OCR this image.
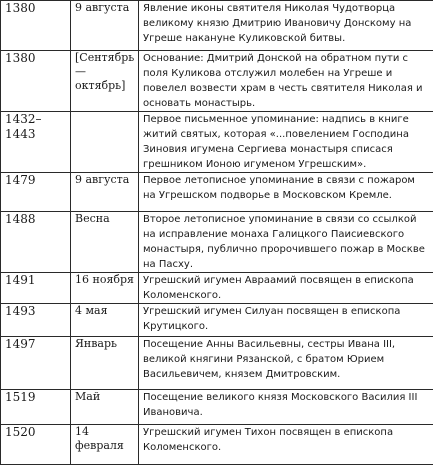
1380	9 августа	Явление иконы святителя Николая Чудотворца великому князю Дмитрию Ивановичу Донскому на Угреше накануне Куликовской битвы.

1380	[Сентябрь—октябрь]	Основание: Дмитрий Донской на обратном пути с поля Куликова отслужил молебен на Угреше и повелел возвести храм в честь святителя Николая и основать монастырь.

1432–1443		Первое письменное упоминание: надпись в книге житий святых, которая «...повелением Господина Зиновия игумена Сергиева монастыря списася грешником Ионою игуменом Угрешским».

1479	9 августа	Первое летописное упоминание в связи с пожаром на Угрешском подворье в Московском Кремле.

1488	Весна	Второе летописное упоминание в связи со ссылкой на исправление монаха Галицкого Паисиевского монастыря, публично пророчившего пожар в Москве на Пасху.

1491	16 ноября	Угрешский игумен Авраамий посвящен в епископа Коломенского.

1493	4 мая	Угрешский игумен Силуан посвящен в епископа Крутицкого.

1497	Январь	Посещение Анны Васильевны, сестры Ивана III, великой княгини Рязанской, с братом Юрием Васильевичем, князем Дмитровским.

1519	Май	Посещение великого князя Московского Василия III Ивановича.

1520	14 февраля	Угрешский игумен Тихон посвящен в епископа Коломенского.
